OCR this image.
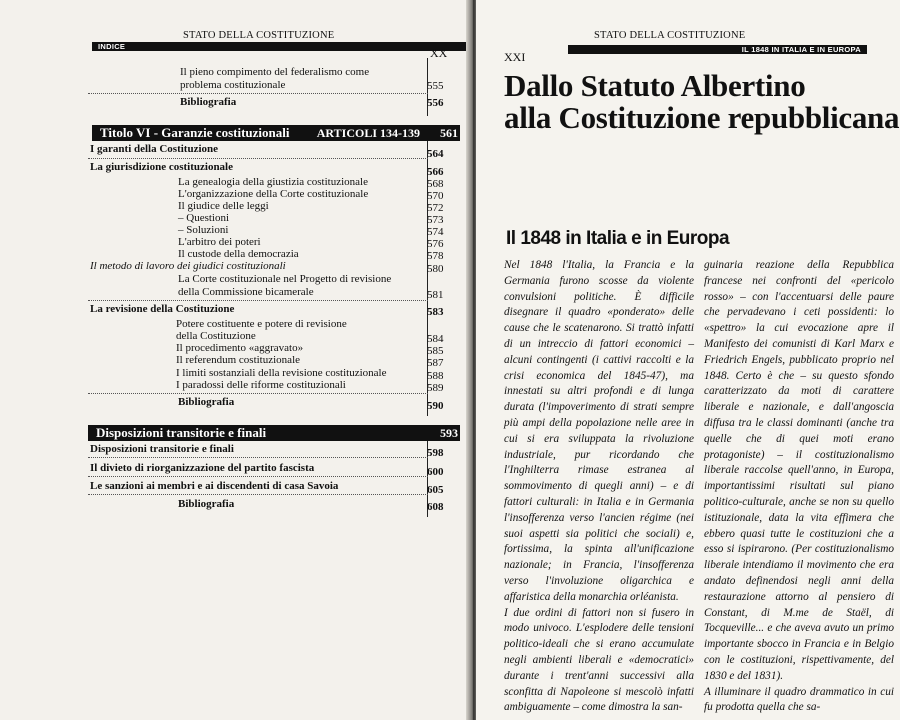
STATO DELLA COSTITUZIONE
INDICE	XX
Il pieno compimento del federalismo come problema costituzionale	555
Bibliografia	556
Titolo VI - Garanzie costituzionali ARTICOLI 134-139 561
I garanti della Costituzione	564
La giurisdizione costituzionale	566
La genealogia della giustizia costituzionale	568
L'organizzazione della Corte costituzionale	570
Il giudice delle leggi	572
– Questioni	573
– Soluzioni	574
L'arbitro dei poteri	576
Il custode della democrazia	578
Il metodo di lavoro dei giudici costituzionali	580
La Corte costituzionale nel Progetto di revisione
della Commissione bicamerale	581
La revisione della Costituzione	583
Potere costituente e potere di revisione
della Costituzione	584
Il procedimento «aggravato»	585
Il referendum costituzionale	587
I limiti sostanziali della revisione costituzionale	588
I paradossi delle riforme costituzionali	589
Bibliografia	590
Disposizioni transitorie e finali	593
Disposizioni transitorie e finali	598
Il divieto di riorganizzazione del partito fascista	600
Le sanzioni ai membri e ai discendenti di casa Savoia	605
Bibliografia	608
STATO DELLA COSTITUZIONE
IL 1848 IN ITALIA E IN EUROPA
XXI
Dallo Statuto Albertino
alla Costituzione repubblicana
Il 1848 in Italia e in Europa

Nel 1848 l'Italia, la Francia e la Germania furono scosse da violente convulsioni politiche. È difficile disegnare il quadro «ponderato» delle cause che le scatenarono. Si trattò infatti di un intreccio di fattori economici – alcuni contingenti (i cattivi raccolti e la crisi economica del 1845-47), ma innestati su altri profondi e di lunga durata (l'impoverimento di strati sempre più ampi della popolazione nelle aree in cui si era sviluppata la rivoluzione industriale, pur ricordando che l'Inghilterra rimase estranea al sommovimento di quegli anni) – e di fattori culturali: in Italia e in Germania l'insofferenza verso l'ancien régime (nei suoi aspetti sia politici che sociali) e, fortissima, la spinta all'unificazione nazionale; in Francia, l'insofferenza verso l'involuzione oligarchica e affaristica della monarchia orléanista.

I due ordini di fattori non si fusero in modo univoco. L'esplodere delle tensioni politico-ideali che si erano accumulate negli ambienti liberali e «democratici» durante i trent'anni successivi alla sconfitta di Napoleone si mescolò infatti ambiguamente – come dimostra la san-

guinaria reazione della Repubblica francese nei confronti del «pericolo rosso» – con l'accentuarsi delle paure che pervadevano i ceti possidenti: lo «spettro» la cui evocazione apre il Manifesto dei comunisti di Karl Marx e Friedrich Engels, pubblicato proprio nel 1848. Certo è che – su questo sfondo caratterizzato da moti di carattere liberale e nazionale, e dall'angoscia diffusa tra le classi dominanti (anche tra quelle che di quei moti erano protagoniste) – il costituzionalismo liberale raccolse quell'anno, in Europa, importantissimi risultati sul piano politico-culturale, anche se non su quello istituzionale, data la vita effimera che ebbero quasi tutte le costituzioni che a esso si ispirarono. (Per costituzionalismo liberale intendiamo il movimento che era andato definendosi negli anni della restaurazione attorno al pensiero di Constant, di M.me de Staël, di Tocqueville... e che aveva avuto un primo importante sbocco in Francia e in Belgio con le costituzioni, rispettivamente, del 1830 e del 1831).

A illuminare il quadro drammatico in cui fu prodotta quella che sa-
